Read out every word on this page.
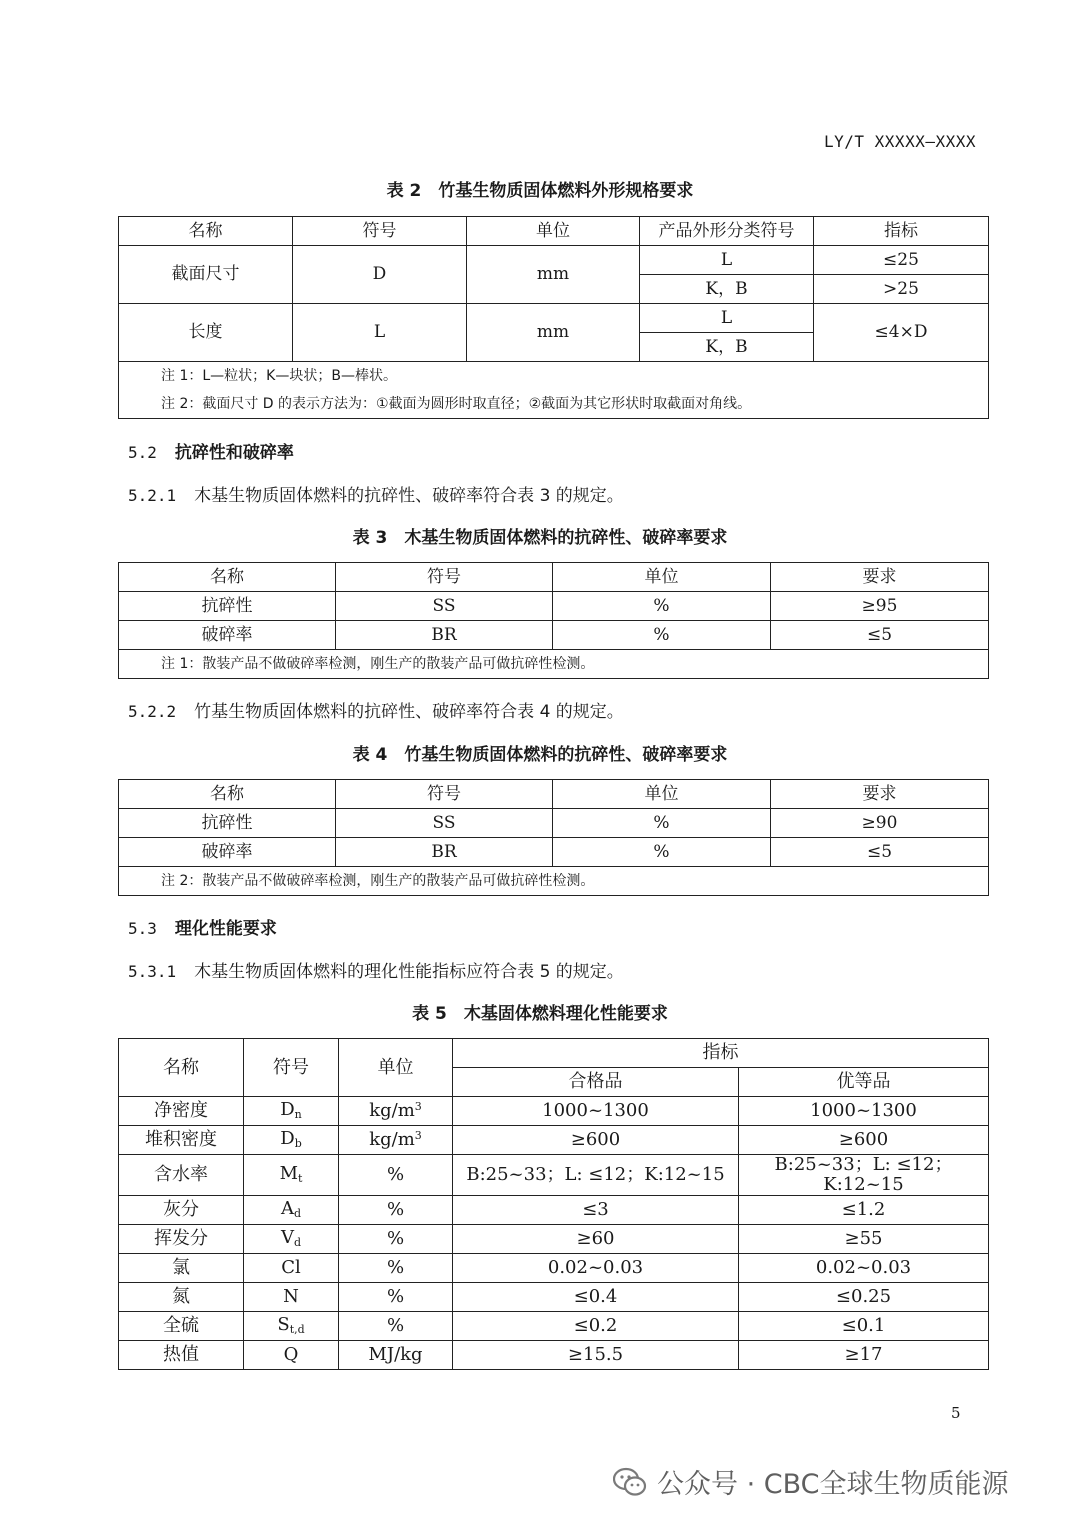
LY/T XXXXX—XXXX
表 2　竹基生物质固体燃料外形规格要求
名称	符号	单位	产品外形分类符号	指标
截面尺寸	D	mm	L	≤25
			K，B	>25
长度	L	mm	L	≤4×D
			K，B	

注 1：L—粒状；K—块状；B—棒状。
注 2：截面尺寸 D 的表示方法为：①截面为圆形时取直径；②截面为其它形状时取截面对角线。				
5.2 抗碎性和破碎率
5.2.1 木基生物质固体燃料的抗碎性、破碎率符合表 3 的规定。
表 3　木基生物质固体燃料的抗碎性、破碎率要求
名称	符号	单位	要求
抗碎性	SS	%	≥95
破碎率	BR	%	≤5

注 1：散装产品不做破碎率检测，刚生产的散装产品可做抗碎性检测。			
5.2.2 竹基生物质固体燃料的抗碎性、破碎率符合表 4 的规定。
表 4　竹基生物质固体燃料的抗碎性、破碎率要求
名称	符号	单位	要求
抗碎性	SS	%	≥90
破碎率	BR	%	≤5

注 2：散装产品不做破碎率检测，刚生产的散装产品可做抗碎性检测。			
5.3 理化性能要求
5.3.1 木基生物质固体燃料的理化性能指标应符合表 5 的规定。
表 5　木基固体燃料理化性能要求
名称	符号	单位	指标	
			合格品	优等品
净密度	$D_n$	$kg/m^3$	1000~1300	1000~1300
堆积密度	$D_b$	$kg/m^3$	≥600	≥600
含水率	$M_t$	%	B:25~33；L: ≤12；K:12~15	B:25~33；L: ≤12；K:12~15
灰分	$A_d$	%	≤3	≤1.2
挥发分	$V_d$	%	≥60	≥55
氯	Cl	%	0.02~0.03	0.02~0.03
氮	N	%	≤0.4	≤0.25
全硫	$S_{t,d}$	%	≤0.2	≤0.1
热值	Q	MJ/kg	≥15.5	≥17
5
公众号 · CBC全球生物质能源
